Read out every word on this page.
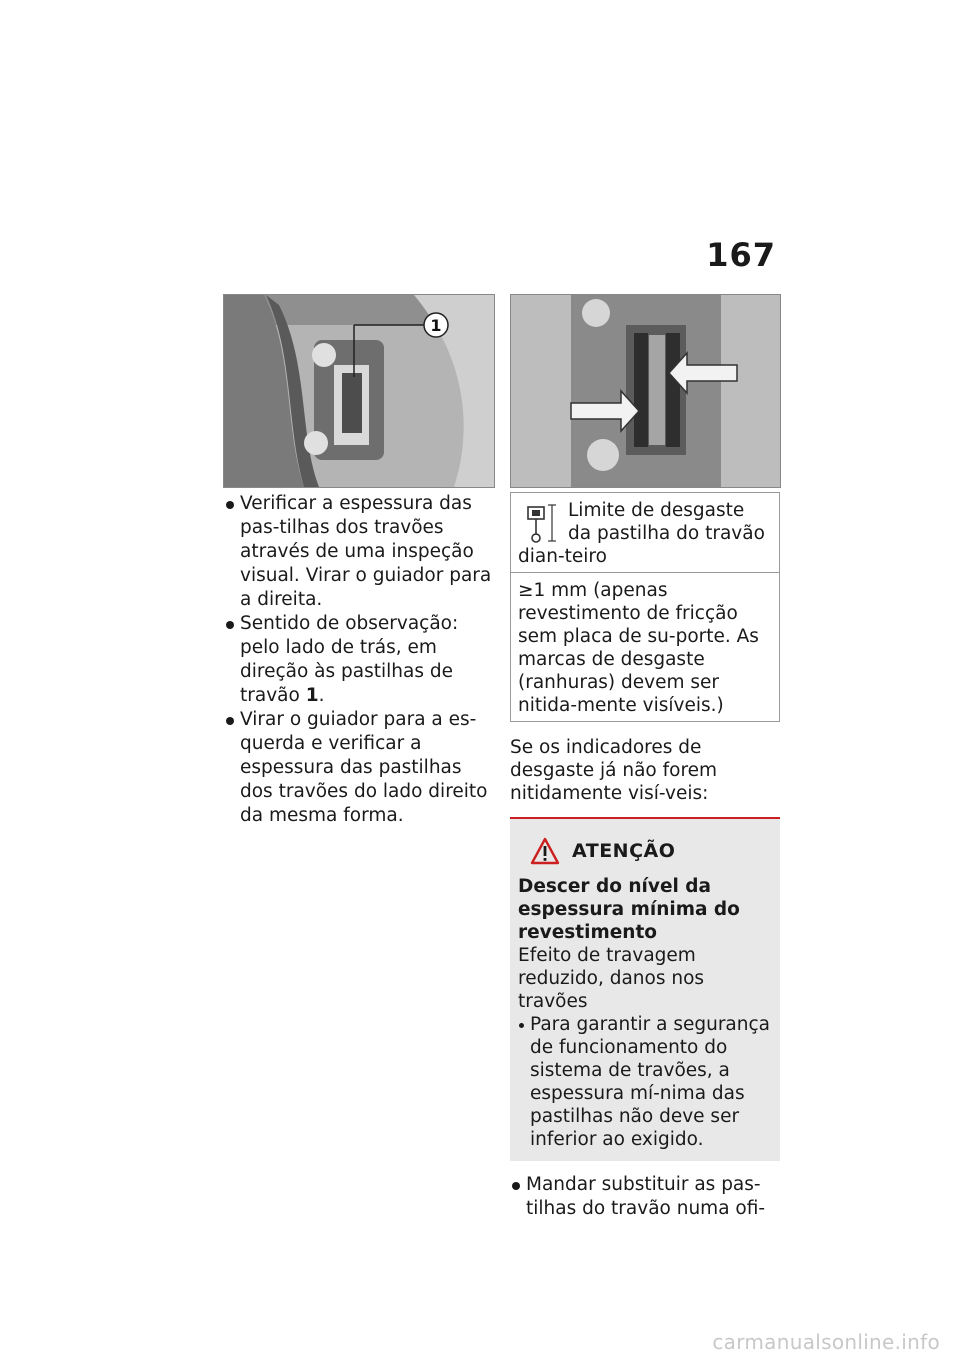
167
1
Verificar a espessura das pas-tilhas dos travões através de uma inspeção visual. Virar o guiador para a direita.
Sentido de observação: pelo lado de trás, em direção às pastilhas de travão 1.
Virar o guiador para a es-querda e verificar a espessura das pastilhas dos travões do lado direito da mesma forma.
Limite de desgaste da pastilha do travão dian-teiro
≥1 mm (apenas revestimento de fricção sem placa de su-porte. As marcas de desgaste (ranhuras) devem ser nitida-mente visíveis.)

Se os indicadores de desgaste já não forem nitidamente visí-veis:

ATENÇÃO
Descer do nível da espessura mínima do revestimento
Efeito de travagem reduzido, danos nos travões
Para garantir a segurança de funcionamento do sistema de travões, a espessura mí-nima das pastilhas não deve ser inferior ao exigido.
Mandar substituir as pas-tilhas do travão numa ofi-
carmanualsonline.info
